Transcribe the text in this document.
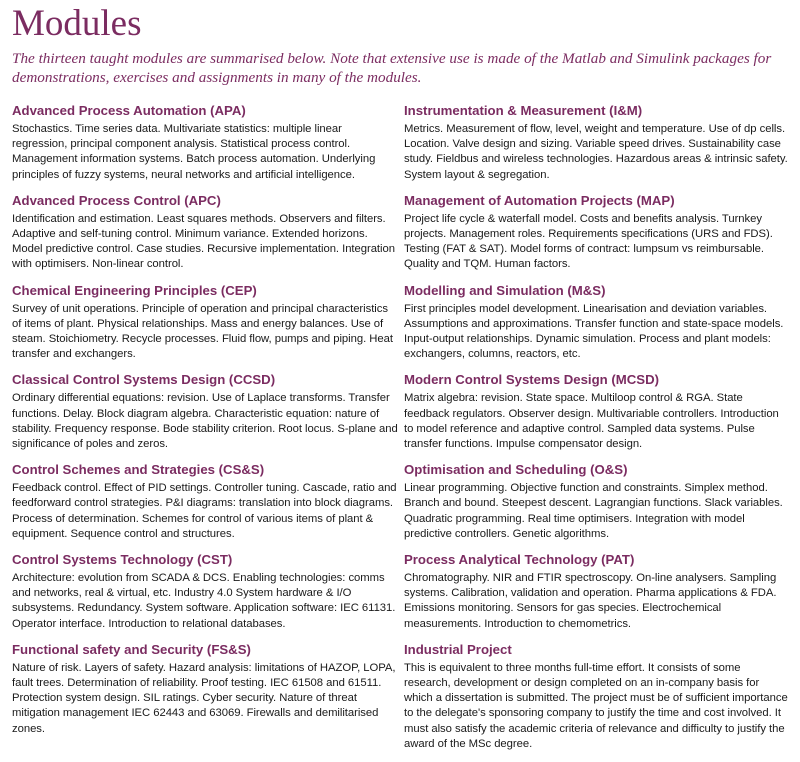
Modules

The thirteen taught modules are summarised below. Note that extensive use is made of the Matlab and Simulink packages for demonstrations, exercises and assignments in many of the modules.

Advanced Process Automation (APA)

Stochastics. Time series data. Multivariate statistics: multiple linear regression, principal component analysis. Statistical process control. Management information systems. Batch process automation. Underlying principles of fuzzy systems, neural networks and artificial intelligence.

Advanced Process Control (APC)

Identification and estimation. Least squares methods. Observers and filters. Adaptive and self-tuning control. Minimum variance. Extended horizons. Model predictive control. Case studies. Recursive implementation. Integration with optimisers. Non-linear control.

Chemical Engineering Principles (CEP)

Survey of unit operations. Principle of operation and principal characteristics of items of plant. Physical relationships. Mass and energy balances. Use of steam. Stoichiometry. Recycle processes. Fluid flow, pumps and piping. Heat transfer and exchangers.

Classical Control Systems Design (CCSD)

Ordinary differential equations: revision. Use of Laplace transforms. Transfer functions. Delay. Block diagram algebra. Characteristic equation: nature of stability. Frequency response. Bode stability criterion. Root locus. S-plane and significance of poles and zeros.

Control Schemes and Strategies (CS&S)

Feedback control. Effect of PID settings. Controller tuning. Cascade, ratio and feedforward control strategies. P&I diagrams: translation into block diagrams. Process of determination. Schemes for control of various items of plant & equipment. Sequence control and structures.

Control Systems Technology (CST)

Architecture: evolution from SCADA & DCS. Enabling technologies: comms and networks, real & virtual, etc. Industry 4.0 System hardware & I/O subsystems. Redundancy. System software. Application software: IEC 61131. Operator interface. Introduction to relational databases.

Functional safety and Security (FS&S)

Nature of risk. Layers of safety. Hazard analysis: limitations of HAZOP, LOPA, fault trees. Determination of reliability. Proof testing. IEC 61508 and 61511. Protection system design. SIL ratings. Cyber security. Nature of threat mitigation management IEC 62443 and 63069. Firewalls and demilitarised zones.

Instrumentation & Measurement (I&M)

Metrics. Measurement of flow, level, weight and temperature. Use of dp cells. Location. Valve design and sizing. Variable speed drives. Sustainability case study. Fieldbus and wireless technologies. Hazardous areas & intrinsic safety. System layout & segregation.

Management of Automation Projects (MAP)

Project life cycle & waterfall model. Costs and benefits analysis. Turnkey projects. Management roles. Requirements specifications (URS and FDS). Testing (FAT & SAT). Model forms of contract: lumpsum vs reimbursable. Quality and TQM. Human factors.

Modelling and Simulation (M&S)

First principles model development. Linearisation and deviation variables. Assumptions and approximations. Transfer function and state-space models. Input-output relationships. Dynamic simulation. Process and plant models: exchangers, columns, reactors, etc.

Modern Control Systems Design (MCSD)

Matrix algebra: revision. State space. Multiloop control & RGA. State feedback regulators. Observer design. Multivariable controllers. Introduction to model reference and adaptive control. Sampled data systems. Pulse transfer functions. Impulse compensator design.

Optimisation and Scheduling (O&S)

Linear programming. Objective function and constraints. Simplex method. Branch and bound. Steepest descent. Lagrangian functions. Slack variables. Quadratic programming. Real time optimisers. Integration with model predictive controllers. Genetic algorithms.

Process Analytical Technology (PAT)

Chromatography. NIR and FTIR spectroscopy. On-line analysers. Sampling systems. Calibration, validation and operation. Pharma applications & FDA. Emissions monitoring. Sensors for gas species. Electrochemical measurements. Introduction to chemometrics.

Industrial Project

This is equivalent to three months full-time effort. It consists of some research, development or design completed on an in-company basis for which a dissertation is submitted. The project must be of sufficient importance to the delegate's sponsoring company to justify the time and cost involved. It must also satisfy the academic criteria of relevance and difficulty to justify the award of the MSc degree.
